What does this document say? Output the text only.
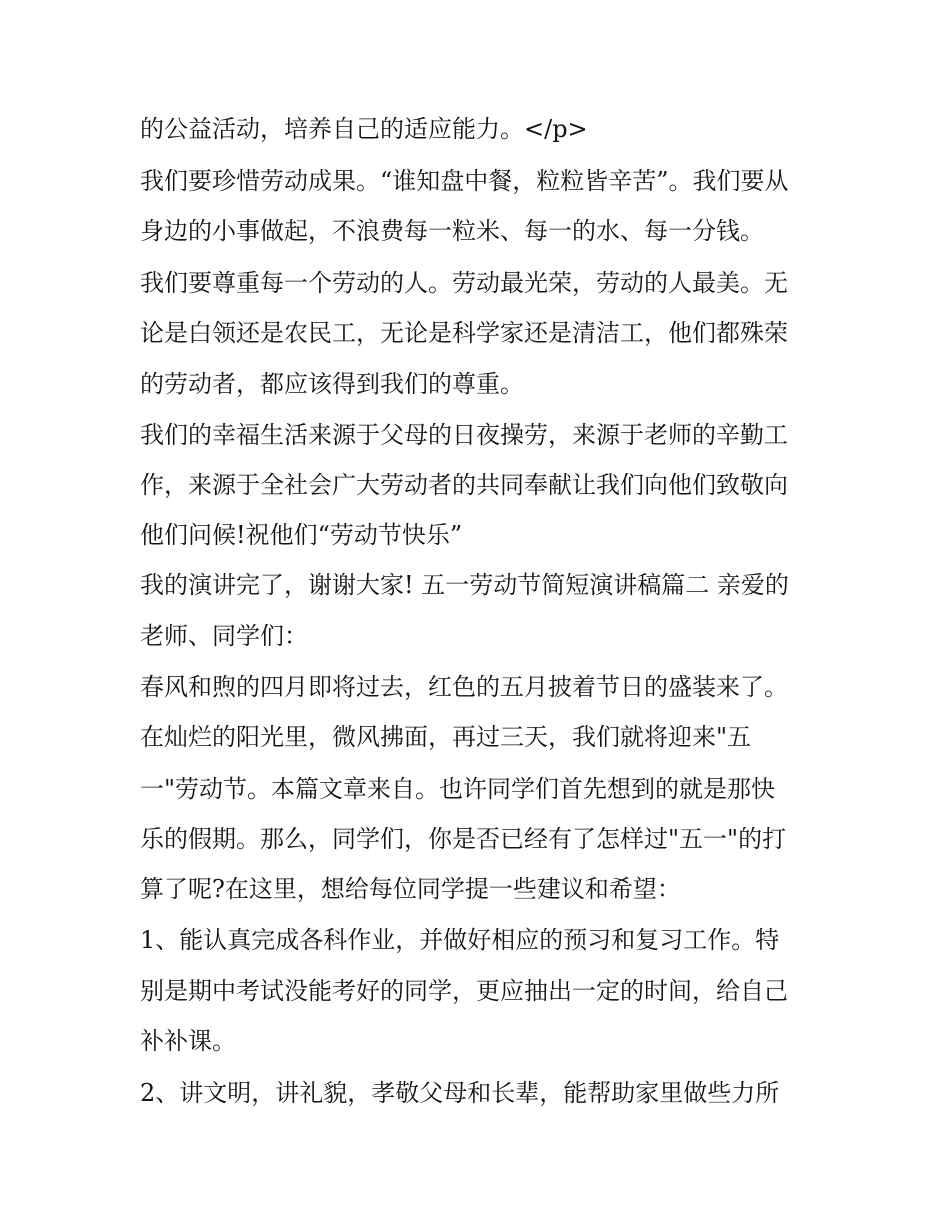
的公益活动，培养自己的适应能力。</p>
我们要珍惜劳动成果。“谁知盘中餐，粒粒皆辛苦”。我们要从
身边的小事做起，不浪费每一粒米、每一的水、每一分钱。
我们要尊重每一个劳动的人。劳动最光荣，劳动的人最美。无
论是白领还是农民工，无论是科学家还是清洁工，他们都殊荣
的劳动者，都应该得到我们的尊重。
我们的幸福生活来源于父母的日夜操劳，来源于老师的辛勤工
作，来源于全社会广大劳动者的共同奉献让我们向他们致敬向
他们问候!祝他们“劳动节快乐”
我的演讲完了，谢谢大家! 五一劳动节简短演讲稿篇二 亲爱的
老师、同学们：
春风和煦的四月即将过去，红色的五月披着节日的盛装来了。
在灿烂的阳光里，微风拂面，再过三天，我们就将迎来"五
一"劳动节。本篇文章来自。也许同学们首先想到的就是那快
乐的假期。那么，同学们，你是否已经有了怎样过"五一"的打
算了呢?在这里，想给每位同学提一些建议和希望：
1、能认真完成各科作业，并做好相应的预习和复习工作。特
别是期中考试没能考好的同学，更应抽出一定的时间，给自己
补补课。
2、讲文明，讲礼貌，孝敬父母和长辈，能帮助家里做些力所
